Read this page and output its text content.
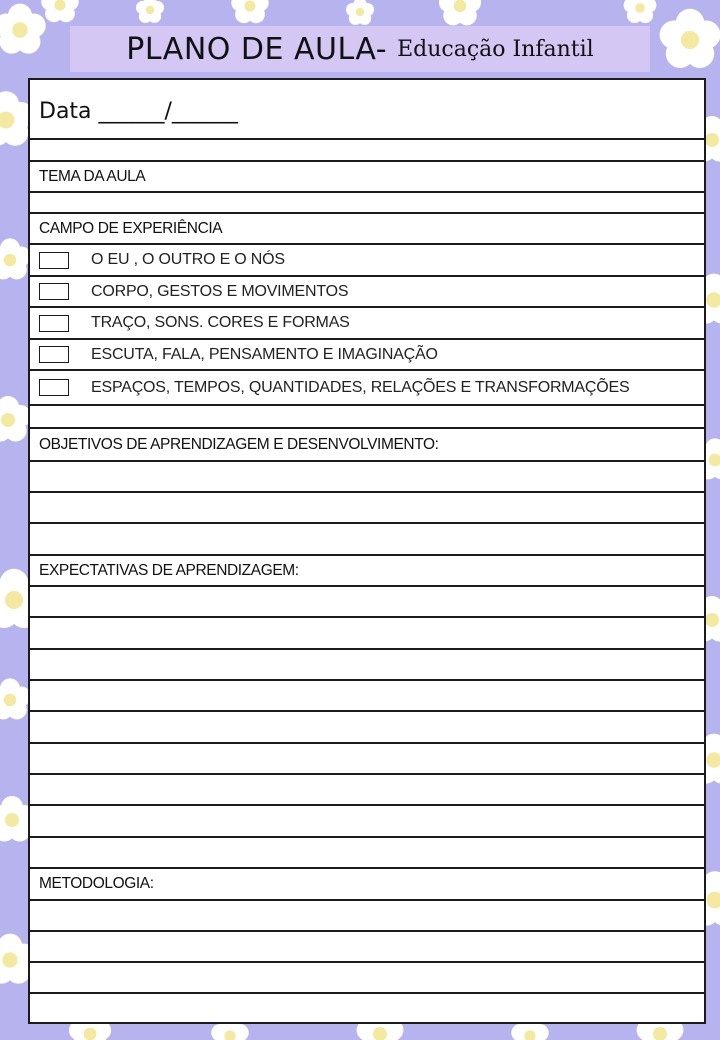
PLANO DE AULA- Educação Infantil
Data ______/______
TEMA DA AULA
CAMPO DE EXPERIÊNCIA
O EU , O OUTRO E O NÓS
CORPO, GESTOS E MOVIMENTOS
TRAÇO, SONS. CORES E FORMAS
ESCUTA, FALA, PENSAMENTO E IMAGINAÇÃO
ESPAÇOS, TEMPOS, QUANTIDADES, RELAÇÕES E TRANSFORMAÇÕES
OBJETIVOS DE APRENDIZAGEM E DESENVOLVIMENTO:
EXPECTATIVAS DE APRENDIZAGEM:
METODOLOGIA:
